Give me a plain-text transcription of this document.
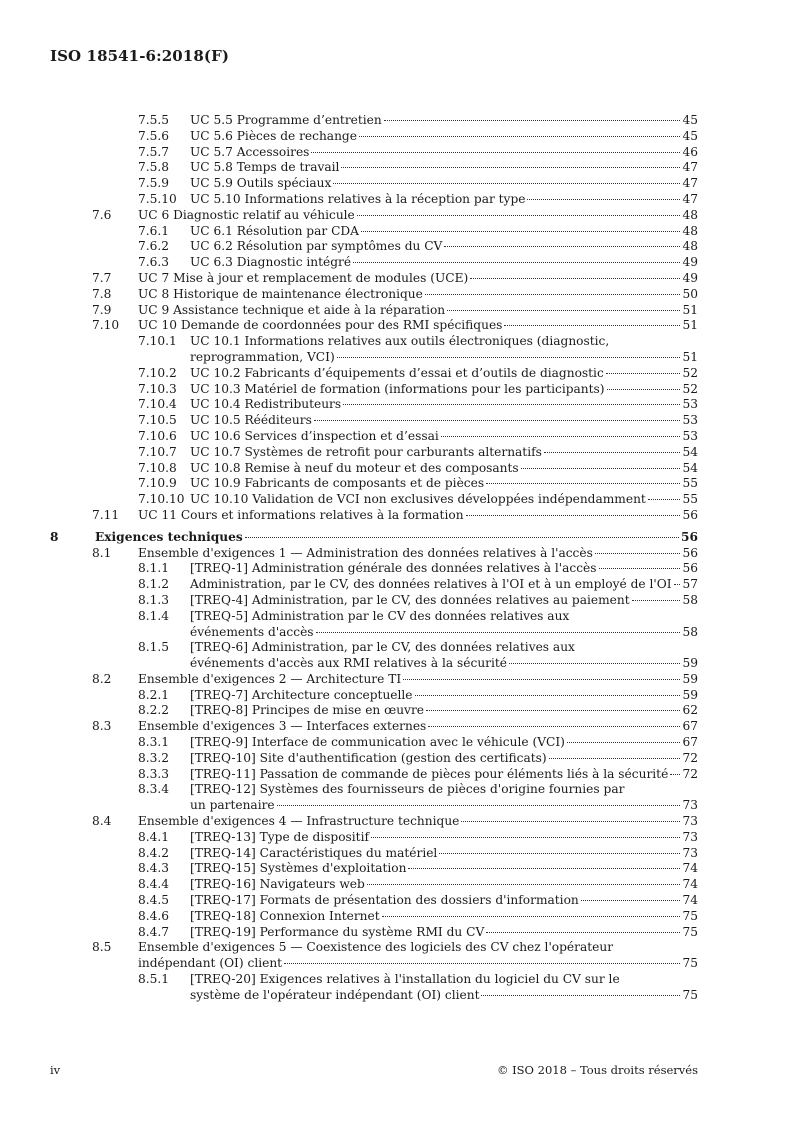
ISO 18541-6:2018(F)
7.5.5 UC 5.5 Programme d’entretien	45
7.5.6 UC 5.6 Pièces de rechange	45
7.5.7 UC 5.7 Accessoires	46
7.5.8 UC 5.8 Temps de travail	47
7.5.9 UC 5.9 Outils spéciaux	47
7.5.10 UC 5.10 Informations relatives à la réception par type	47
7.6 UC 6 Diagnostic relatif au véhicule	48
7.6.1 UC 6.1 Résolution par CDA	48
7.6.2 UC 6.2 Résolution par symptômes du CV	48
7.6.3 UC 6.3 Diagnostic intégré	49
7.7 UC 7 Mise à jour et remplacement de modules (UCE)	49
7.8 UC 8 Historique de maintenance électronique	50
7.9 UC 9 Assistance technique et aide à la réparation	51
7.10 UC 10 Demande de coordonnées pour des RMI spécifiques	51
7.10.1 UC 10.1 Informations relatives aux outils électroniques (diagnostic,
reprogrammation, VCI)	51
7.10.2 UC 10.2 Fabricants d’équipements d’essai et d’outils de diagnostic	52
7.10.3 UC 10.3 Matériel de formation (informations pour les participants)	52
7.10.4 UC 10.4 Redistributeurs	53
7.10.5 UC 10.5 Rééditeurs	53
7.10.6 UC 10.6 Services d’inspection et d’essai	53
7.10.7 UC 10.7 Systèmes de retrofit pour carburants alternatifs	54
7.10.8 UC 10.8 Remise à neuf du moteur et des composants	54
7.10.9 UC 10.9 Fabricants de composants et de pièces	55
7.10.10 UC 10.10 Validation de VCI non exclusives développées indépendamment	55
7.11 UC 11 Cours et informations relatives à la formation	56
8	Exigences techniques	56
8.1 Ensemble d'exigences 1 — Administration des données relatives à l'accès	56
8.1.1 [TREQ-1] Administration générale des données relatives à l'accès	56
8.1.2 Administration, par le CV, des données relatives à l'OI et à un employé de l'OI 57
8.1.3 [TREQ-4] Administration, par le CV, des données relatives au paiement	58
8.1.4 [TREQ-5] Administration par le CV des données relatives aux
événements d'accès	58
8.1.5 [TREQ-6] Administration, par le CV, des données relatives aux
événements d'accès aux RMI relatives à la sécurité	59
8.2 Ensemble d'exigences 2 — Architecture TI	59
8.2.1 [TREQ-7] Architecture conceptuelle	59
8.2.2 [TREQ-8] Principes de mise en œuvre	62
8.3 Ensemble d'exigences 3 — Interfaces externes	67
8.3.1 [TREQ-9] Interface de communication avec le véhicule (VCI)	67
8.3.2 [TREQ-10] Site d'authentification (gestion des certificats)	72
8.3.3 [TREQ-11] Passation de commande de pièces pour éléments liés à la sécurité 72
8.3.4 [TREQ-12] Systèmes des fournisseurs de pièces d'origine fournies par
un partenaire	73
8.4 Ensemble d'exigences 4 — Infrastructure technique	73
8.4.1 [TREQ-13] Type de dispositif	73
8.4.2 [TREQ-14] Caractéristiques du matériel	73
8.4.3 [TREQ-15] Systèmes d'exploitation	74
8.4.4 [TREQ-16] Navigateurs web	74
8.4.5 [TREQ-17] Formats de présentation des dossiers d'information	74
8.4.6 [TREQ-18] Connexion Internet	75
8.4.7 [TREQ-19] Performance du système RMI du CV	75
8.5 Ensemble d'exigences 5 — Coexistence des logiciels des CV chez l'opérateur
indépendant (OI) client	75
8.5.1 [TREQ-20] Exigences relatives à l'installation du logiciel du CV sur le
système de l'opérateur indépendant (OI) client	75
iv	© ISO 2018 – Tous droits réservés
